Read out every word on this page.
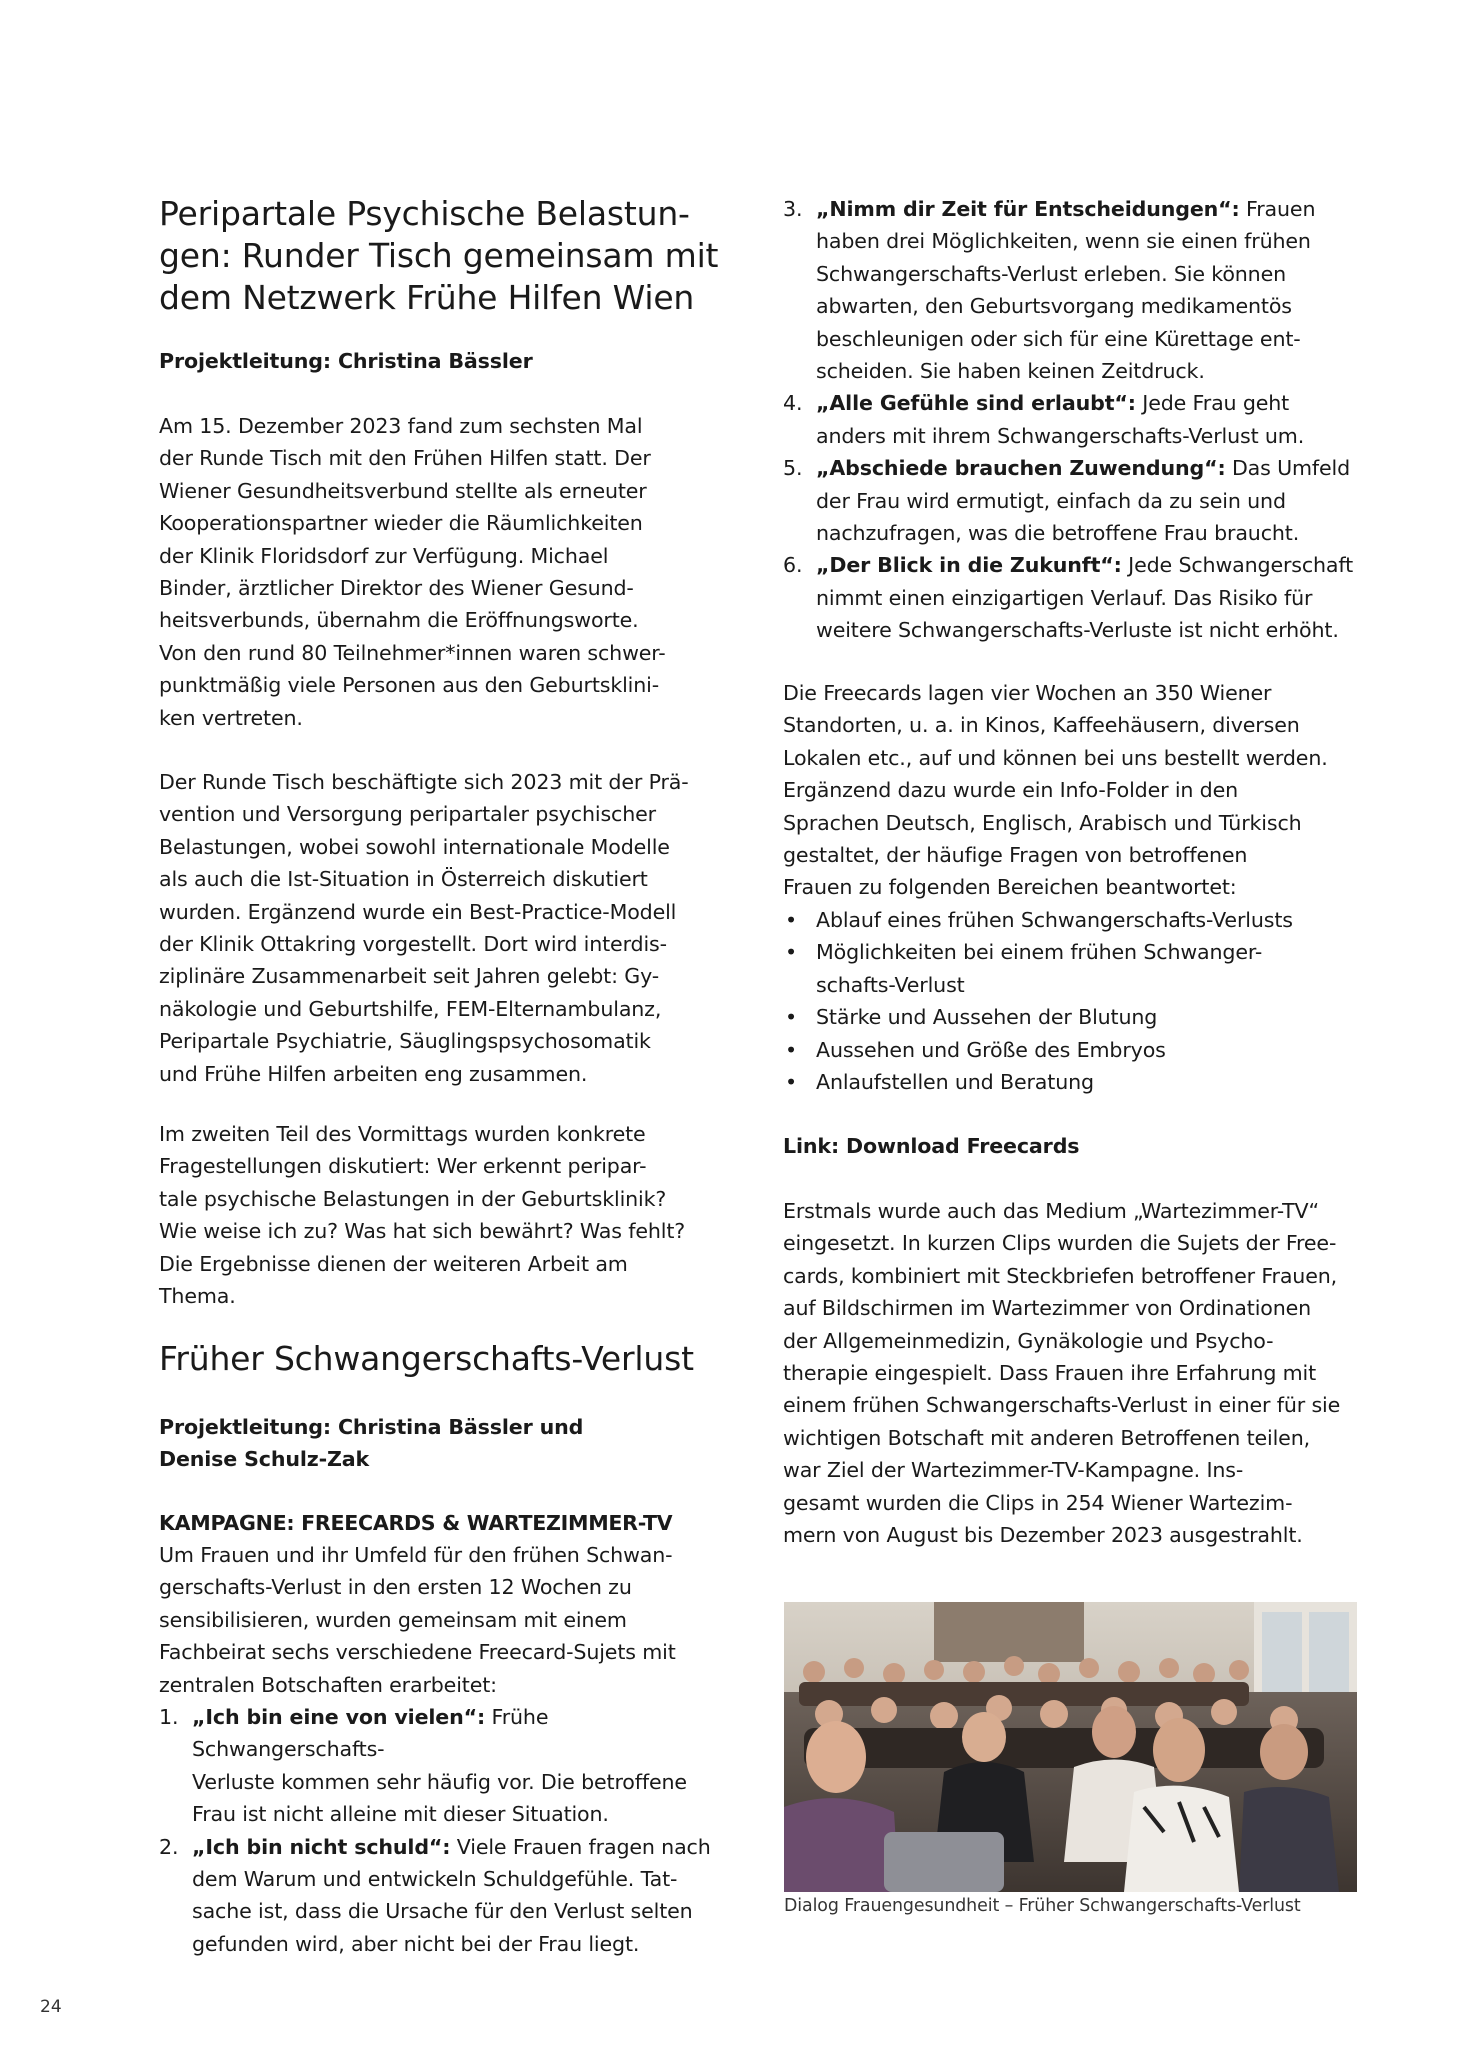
Peripartale Psychische Belastun-
gen: Runder Tisch gemeinsam mit
dem Netzwerk Frühe Hilfen Wien

Projektleitung: Christina Bässler

Am 15. Dezember 2023 fand zum sechsten Mal
der Runde Tisch mit den Frühen Hilfen statt. Der
Wiener Gesundheitsverbund stellte als erneuter
Kooperationspartner wieder die Räumlichkeiten
der Klinik Floridsdorf zur Verfügung. Michael
Binder, ärztlicher Direktor des Wiener Gesund-
heitsverbunds, übernahm die Eröffnungsworte.
Von den rund 80 Teilnehmer*innen waren schwer-
punktmäßig viele Personen aus den Geburtsklini-
ken vertreten.

Der Runde Tisch beschäftigte sich 2023 mit der Prä-
vention und Versorgung peripartaler psychischer
Belastungen, wobei sowohl internationale Modelle
als auch die Ist-Situation in Österreich diskutiert
wurden. Ergänzend wurde ein Best-Practice-Modell
der Klinik Ottakring vorgestellt. Dort wird interdis-
ziplinäre Zusammenarbeit seit Jahren gelebt: Gy-
näkologie und Geburtshilfe, FEM-Elternambulanz,
Peripartale Psychiatrie, Säuglingspsychosomatik
und Frühe Hilfen arbeiten eng zusammen.

Im zweiten Teil des Vormittags wurden konkrete
Fragestellungen diskutiert: Wer erkennt peripar-
tale psychische Belastungen in der Geburtsklinik?
Wie weise ich zu? Was hat sich bewährt? Was fehlt?
Die Ergebnisse dienen der weiteren Arbeit am
Thema.

Früher Schwangerschafts-Verlust

Projektleitung: Christina Bässler und
Denise Schulz-Zak

KAMPAGNE: FREECARDS & WARTEZIMMER-TV

Um Frauen und ihr Umfeld für den frühen Schwan-
gerschafts-Verlust in den ersten 12 Wochen zu
sensibilisieren, wurden gemeinsam mit einem
Fachbeirat sechs verschiedene Freecard-Sujets mit
zentralen Botschaften erarbeitet:

1. „Ich bin eine von vielen“: Frühe Schwangerschafts-
Verluste kommen sehr häufig vor. Die betroffene
Frau ist nicht alleine mit dieser Situation.
2. „Ich bin nicht schuld“: Viele Frauen fragen nach
dem Warum und entwickeln Schuldgefühle. Tat-
sache ist, dass die Ursache für den Verlust selten
gefunden wird, aber nicht bei der Frau liegt.
3. „Nimm dir Zeit für Entscheidungen“: Frauen
haben drei Möglichkeiten, wenn sie einen frühen
Schwangerschafts-Verlust erleben. Sie können
abwarten, den Geburtsvorgang medikamentös
beschleunigen oder sich für eine Kürettage ent-
scheiden. Sie haben keinen Zeitdruck.
4. „Alle Gefühle sind erlaubt“: Jede Frau geht
anders mit ihrem Schwangerschafts-Verlust um.
5. „Abschiede brauchen Zuwendung“: Das Umfeld
der Frau wird ermutigt, einfach da zu sein und
nachzufragen, was die betroffene Frau braucht.
6. „Der Blick in die Zukunft“: Jede Schwangerschaft
nimmt einen einzigartigen Verlauf. Das Risiko für
weitere Schwangerschafts-Verluste ist nicht erhöht.

Die Freecards lagen vier Wochen an 350 Wiener
Standorten, u. a. in Kinos, Kaffeehäusern, diversen
Lokalen etc., auf und können bei uns bestellt werden.
Ergänzend dazu wurde ein Info-Folder in den
Sprachen Deutsch, Englisch, Arabisch und Türkisch
gestaltet, der häufige Fragen von betroffenen
Frauen zu folgenden Bereichen beantwortet:

• Ablauf eines frühen Schwangerschafts-Verlusts
• Möglichkeiten bei einem frühen Schwanger-
schafts-Verlust
• Stärke und Aussehen der Blutung
• Aussehen und Größe des Embryos
• Anlaufstellen und Beratung

Link: Download Freecards

Erstmals wurde auch das Medium „Wartezimmer-TV“
eingesetzt. In kurzen Clips wurden die Sujets der Free-
cards, kombiniert mit Steckbriefen betroffener Frauen,
auf Bildschirmen im Wartezimmer von Ordinationen
der Allgemeinmedizin, Gynäkologie und Psycho-
therapie eingespielt. Dass Frauen ihre Erfahrung mit
einem frühen Schwangerschafts-Verlust in einer für sie
wichtigen Botschaft mit anderen Betroffenen teilen,
war Ziel der Wartezimmer-TV-Kampagne. Ins-
gesamt wurden die Clips in 254 Wiener Wartezim-
mern von August bis Dezember 2023 ausgestrahlt.

Dialog Frauengesundheit – Früher Schwangerschafts-Verlust

24
